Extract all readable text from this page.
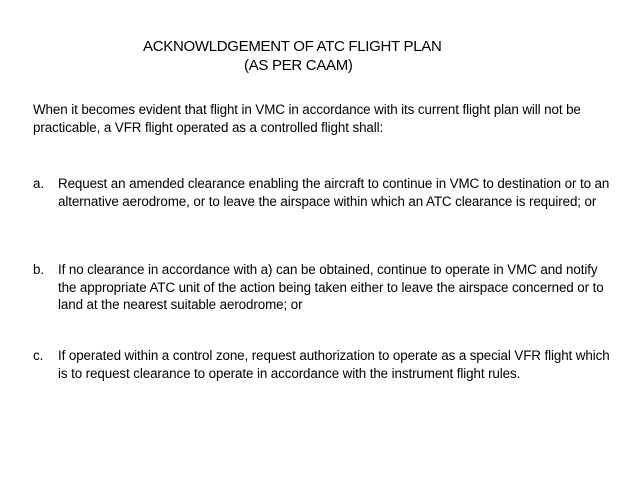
ACKNOWLDGEMENT OF ATC FLIGHT PLAN
(AS PER CAAM)
When it becomes evident that flight in VMC in accordance with its current flight plan will not be practicable, a VFR flight operated as a controlled flight shall:
a.	Request an amended clearance enabling the aircraft to continue in VMC to destination or to an alternative aerodrome, or to leave the airspace within which an ATC clearance is required; or
b.	If no clearance in accordance with a) can be obtained, continue to operate in VMC and notify the appropriate ATC unit of the action being taken either to leave the airspace concerned or to land at the nearest suitable aerodrome; or
c.	If operated within a control zone, request authorization to operate as a special VFR flight which is to request clearance to operate in accordance with the instrument flight rules.
